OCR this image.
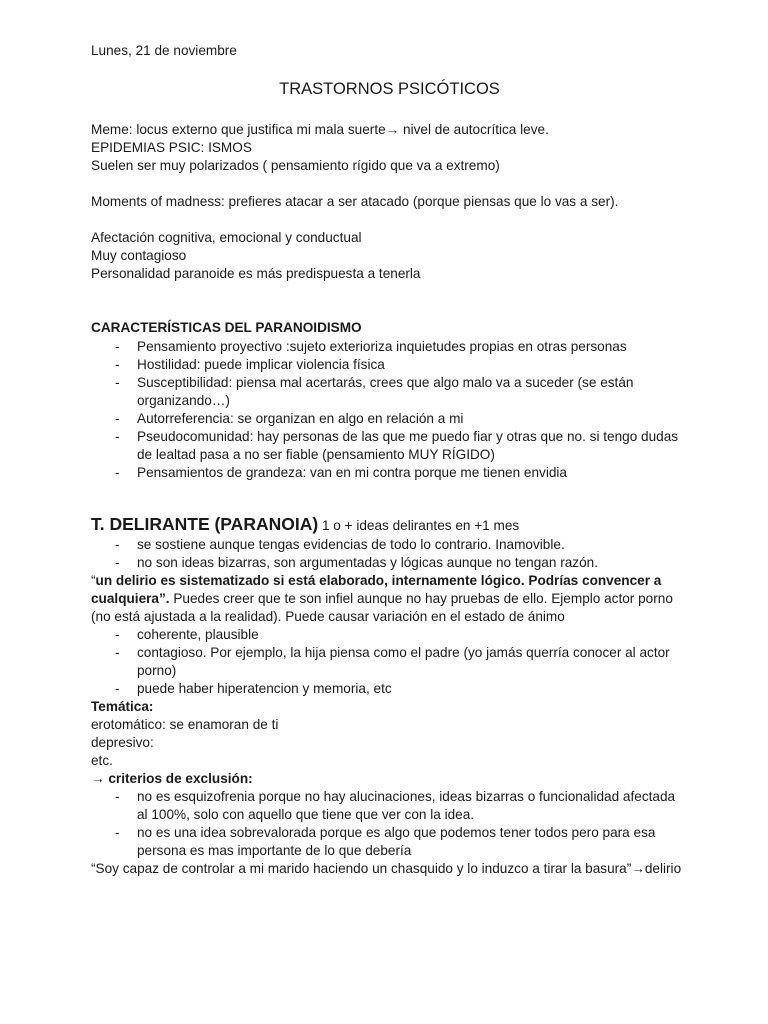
Lunes, 21 de noviembre

TRASTORNOS PSICÓTICOS

Meme: locus externo que justifica mi mala suerte→ nivel de autocrítica leve.

EPIDEMIAS PSIC: ISMOS

Suelen ser muy polarizados ( pensamiento rígido que va a extremo)

Moments of madness: prefieres atacar a ser atacado (porque piensas que lo vas a ser).

Afectación cognitiva, emocional y conductual

Muy contagioso

Personalidad paranoide es más predispuesta a tenerla

CARACTERÍSTICAS DEL PARANOIDISMO
- Pensamiento proyectivo :sujeto exterioriza inquietudes propias en otras personas
- Hostilidad: puede implicar violencia física
- Susceptibilidad: piensa mal acertarás, crees que algo malo va a suceder (se están organizando…)
- Autorreferencia: se organizan en algo en relación a mi
- Pseudocomunidad: hay personas de las que me puedo fiar y otras que no. si tengo dudas de lealtad pasa a no ser fiable (pensamiento MUY RÍGIDO)
- Pensamientos de grandeza: van en mi contra porque me tienen envidia

T. DELIRANTE (PARANOIA) 1 o + ideas delirantes en +1 mes

- se sostiene aunque tengas evidencias de todo lo contrario. Inamovible.
- no son ideas bizarras, son argumentadas y lógicas aunque no tengan razón.

“un delirio es sistematizado si está elaborado, internamente lógico. Podrías convencer a cualquiera”. Puedes creer que te son infiel aunque no hay pruebas de ello. Ejemplo actor porno (no está ajustada a la realidad). Puede causar variación en el estado de ánimo

- coherente, plausible
- contagioso. Por ejemplo, la hija piensa como el padre (yo jamás querría conocer al actor porno)
- puede haber hiperatencion y memoria, etc

Temática:

erotomático: se enamoran de ti

depresivo:

etc.

→ criterios de exclusión:

- no es esquizofrenia porque no hay alucinaciones, ideas bizarras o funcionalidad afectada al 100%, solo con aquello que tiene que ver con la idea.
- no es una idea sobrevalorada porque es algo que podemos tener todos pero para esa persona es mas importante de lo que debería

“Soy capaz de controlar a mi marido haciendo un chasquido y lo induzco a tirar la basura”→delirio
